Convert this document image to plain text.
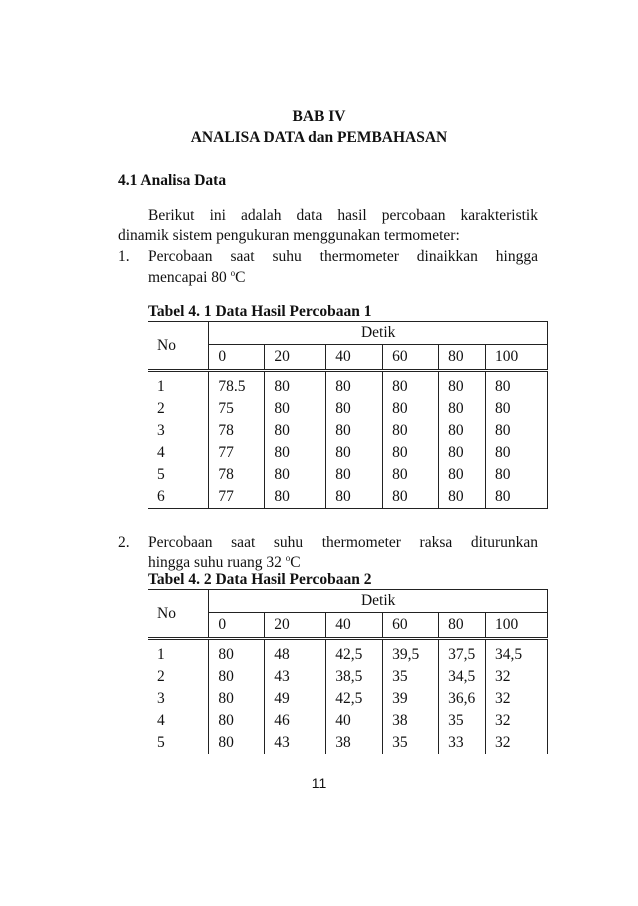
BAB IV
ANALISA DATA dan PEMBAHASAN
4.1 Analisa Data
Berikut ini adalah data hasil percobaan karakteristik
dinamik sistem pengukuran menggunakan termometer:
1. Percobaan saat suhu thermometer dinaikkan hingga
mencapai 80 $^o$C
Tabel 4. 1 Data Hasil Percobaan 1
No	Detik					
	0	20	40	60	80	100
1	78.5	80	80	80	80	80
2	75	80	80	80	80	80
3	78	80	80	80	80	80
4	77	80	80	80	80	80
5	78	80	80	80	80	80
6	77	80	80	80	80	80
2. Percobaan saat suhu thermometer raksa diturunkan
hingga suhu ruang 32 $^o$C
Tabel 4. 2 Data Hasil Percobaan 2
No	Detik					
	0	20	40	60	80	100
1	80	48	42,5	39,5	37,5	34,5
2	80	43	38,5	35	34,5	32
3	80	49	42,5	39	36,6	32
4	80	46	40	38	35	32
5	80	43	38	35	33	32
11
